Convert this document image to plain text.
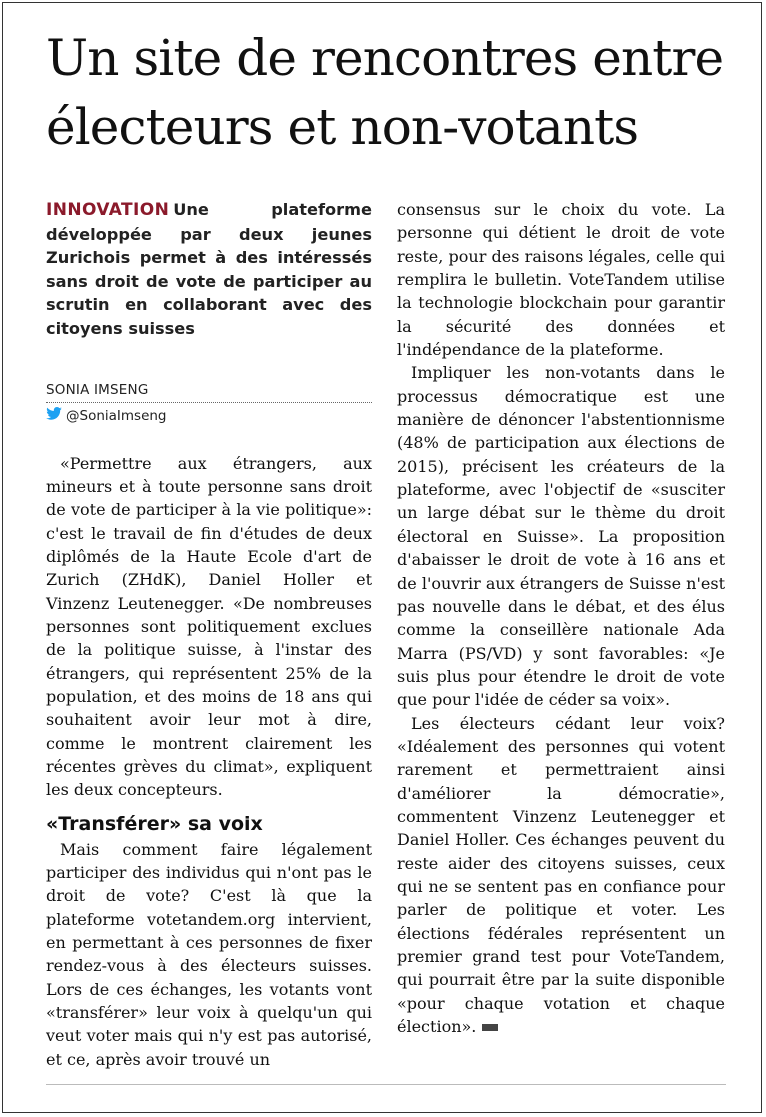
Un site de rencontres entre électeurs et non-votants

INNOVATION Une plateforme développée par deux jeunes Zurichois permet à des intéressés sans droit de vote de participer au scrutin en collaborant avec des citoyens suisses

SONIA IMSENG
@SoniaImseng

«Permettre aux étrangers, aux mineurs et à toute personne sans droit de vote de participer à la vie politique»: c'est le travail de fin d'études de deux diplômés de la Haute Ecole d'art de Zurich (ZHdK), Daniel Holler et Vinzenz Leutenegger. «De nombreuses personnes sont politiquement exclues de la politique suisse, à l'instar des étrangers, qui représentent 25% de la population, et des moins de 18 ans qui souhaitent avoir leur mot à dire, comme le montrent clairement les récentes grèves du climat», expliquent les deux concepteurs.

«Transférer» sa voix

Mais comment faire légalement participer des individus qui n'ont pas le droit de vote? C'est là que la plateforme votetandem.org intervient, en permettant à ces personnes de fixer rendez-vous à des électeurs suisses. Lors de ces échanges, les votants vont «transférer» leur voix à quelqu'un qui veut voter mais qui n'y est pas autorisé, et ce, après avoir trouvé un

consensus sur le choix du vote. La personne qui détient le droit de vote reste, pour des raisons légales, celle qui remplira le bulletin. VoteTandem utilise la technologie blockchain pour garantir la sécurité des données et l'indépendance de la plateforme.

Impliquer les non-votants dans le processus démocratique est une manière de dénoncer l'abstentionnisme (48% de participation aux élections de 2015), précisent les créateurs de la plateforme, avec l'objectif de «susciter un large débat sur le thème du droit électoral en Suisse». La proposition d'abaisser le droit de vote à 16 ans et de l'ouvrir aux étrangers de Suisse n'est pas nouvelle dans le débat, et des élus comme la conseillère nationale Ada Marra (PS/VD) y sont favorables: «Je suis plus pour étendre le droit de vote que pour l'idée de céder sa voix».

Les électeurs cédant leur voix? «Idéalement des personnes qui votent rarement et permettraient ainsi d'améliorer la démocratie», commentent Vinzenz Leutenegger et Daniel Holler. Ces échanges peuvent du reste aider des citoyens suisses, ceux qui ne se sentent pas en confiance pour parler de politique et voter. Les élections fédérales représentent un premier grand test pour VoteTandem, qui pourrait être par la suite disponible «pour chaque votation et chaque élection».
